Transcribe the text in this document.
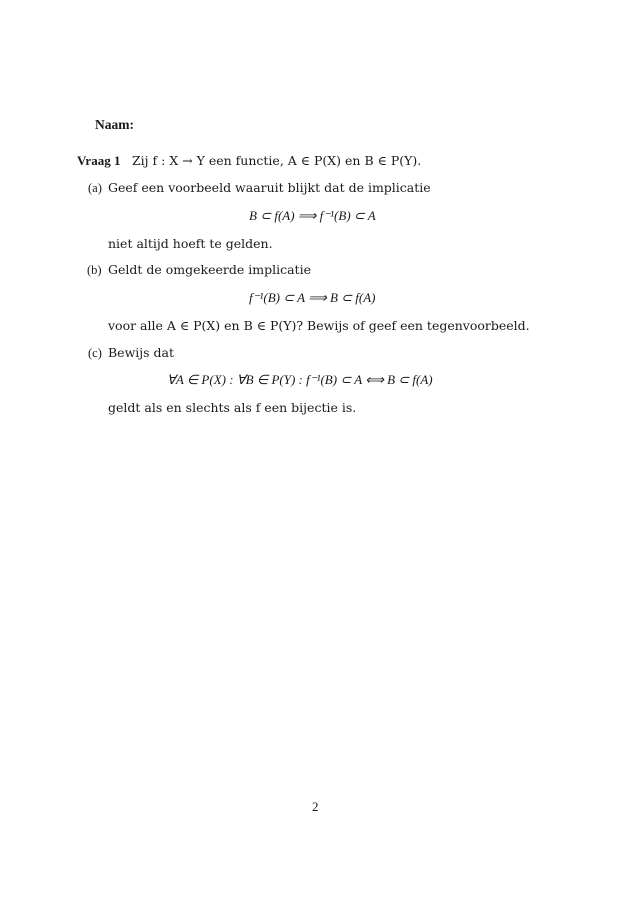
Naam:
Vraag 1 Zij f : X → Y een functie, A ∈ P(X) en B ∈ P(Y).
(a) Geef een voorbeeld waaruit blijkt dat de implicatie
B ⊂ f(A) ⟹ f⁻¹(B) ⊂ A
niet altijd hoeft te gelden.
(b) Geldt de omgekeerde implicatie
f⁻¹(B) ⊂ A ⟹ B ⊂ f(A)
voor alle A ∈ P(X) en B ∈ P(Y)? Bewijs of geef een tegenvoorbeeld.
(c) Bewijs dat
∀A ∈ P(X) : ∀B ∈ P(Y) : f⁻¹(B) ⊂ A ⟺ B ⊂ f(A)
geldt als en slechts als f een bijectie is.
2
